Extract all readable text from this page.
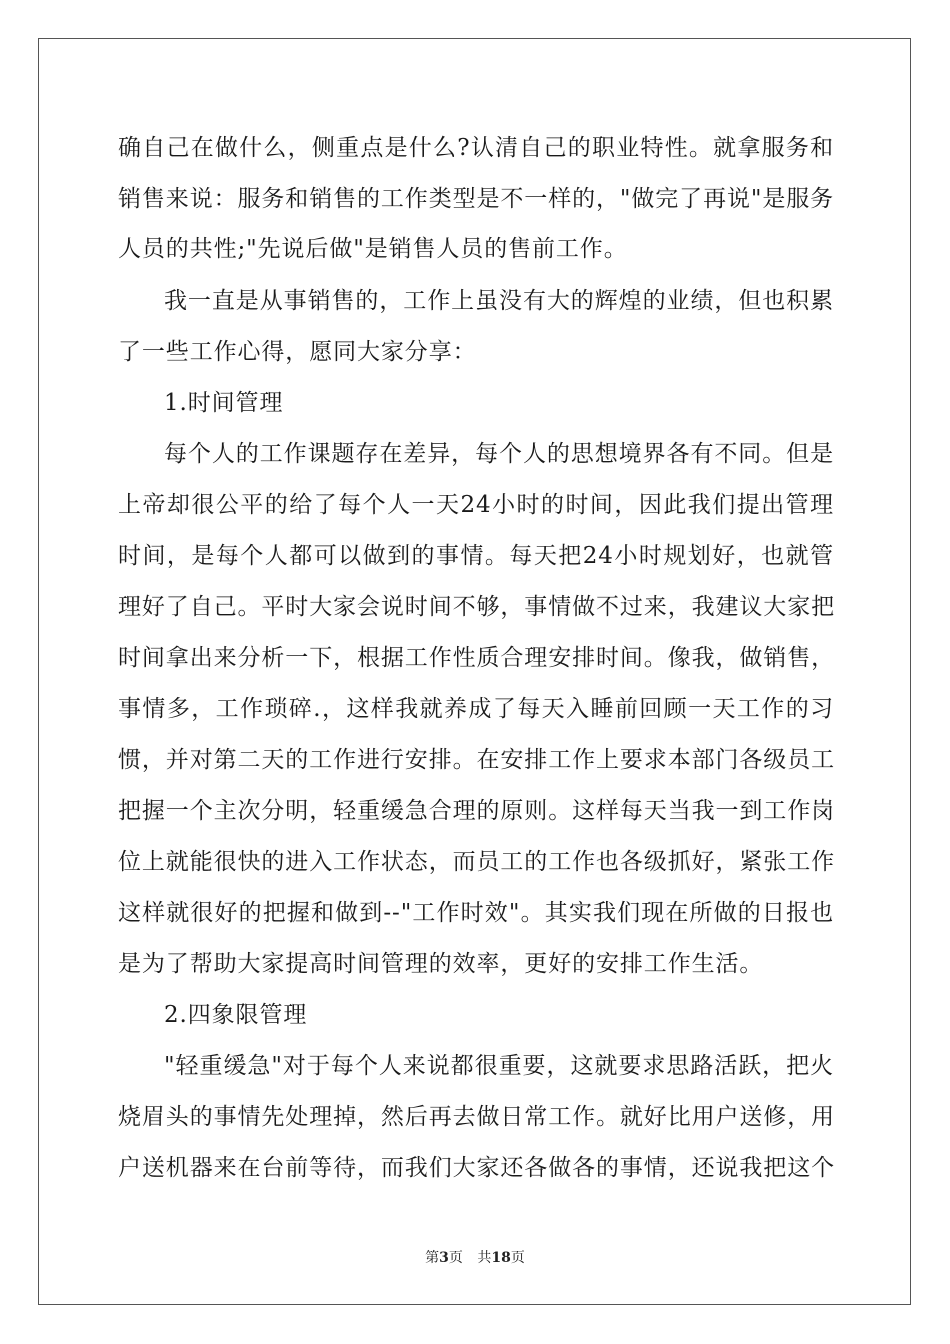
确自己在做什么，侧重点是什么?认清自己的职业特性。就拿服务和
销售来说：服务和销售的工作类型是不一样的，"做完了再说"是服务
人员的共性;"先说后做"是销售人员的售前工作。
我一直是从事销售的，工作上虽没有大的辉煌的业绩，但也积累
了一些工作心得，愿同大家分享：
1.时间管理
每个人的工作课题存在差异，每个人的思想境界各有不同。但是
上帝却很公平的给了每个人一天24小时的时间，因此我们提出管理
时间，是每个人都可以做到的事情。每天把24小时规划好，也就管
理好了自己。平时大家会说时间不够，事情做不过来，我建议大家把
时间拿出来分析一下，根据工作性质合理安排时间。像我，做销售，
事情多，工作琐碎.，这样我就养成了每天入睡前回顾一天工作的习
惯，并对第二天的工作进行安排。在安排工作上要求本部门各级员工
把握一个主次分明，轻重缓急合理的原则。这样每天当我一到工作岗
位上就能很快的进入工作状态，而员工的工作也各级抓好，紧张工作
这样就很好的把握和做到--"工作时效"。其实我们现在所做的日报也
是为了帮助大家提高时间管理的效率，更好的安排工作生活。
2.四象限管理
"轻重缓急"对于每个人来说都很重要，这就要求思路活跃，把火
烧眉头的事情先处理掉，然后再去做日常工作。就好比用户送修，用
户送机器来在台前等待，而我们大家还各做各的事情，还说我把这个
第3页 共18页
